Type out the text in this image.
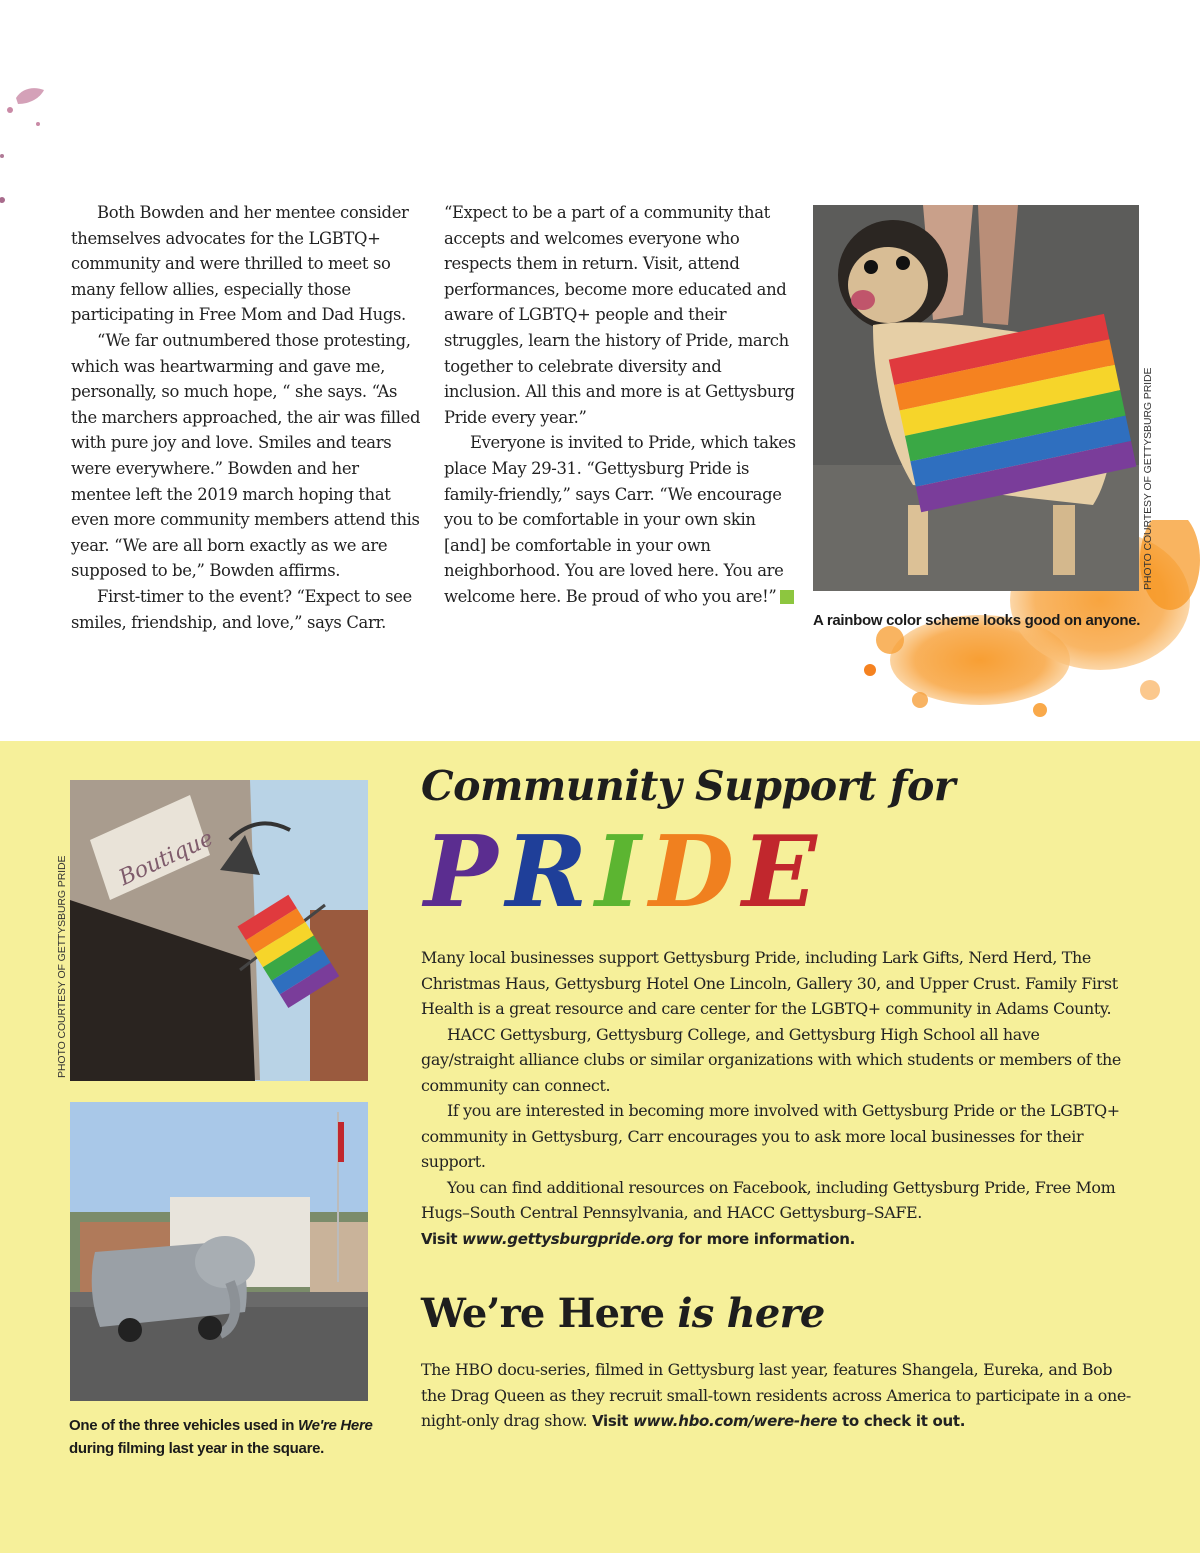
Both Bowden and her mentee consider themselves advocates for the LGBTQ+ community and were thrilled to meet so many fellow allies, especially those participating in Free Mom and Dad Hugs.

“We far outnumbered those protesting, which was heartwarming and gave me, personally, so much hope, “ she says. “As the marchers approached, the air was filled with pure joy and love. Smiles and tears were everywhere.” Bowden and her mentee left the 2019 march hoping that even more community members attend this year. “We are all born exactly as we are supposed to be,” Bowden affirms.

First-timer to the event? “Expect to see smiles, friendship, and love,” says Carr.

“Expect to be a part of a community that accepts and welcomes everyone who respects them in return. Visit, attend performances, become more educated and aware of LGBTQ+ people and their struggles, learn the history of Pride, march together to celebrate diversity and inclusion. All this and more is at Gettysburg Pride every year.”

Everyone is invited to Pride, which takes place May 29-31. “Gettysburg Pride is family-friendly,” says Carr. “We encourage you to be comfortable in your own skin [and] be comfortable in your own neighborhood. You are loved here. You are welcome here. Be proud of who you are!”	G

PHOTO COURTESY OF GETTYSBURG PRIDE
A rainbow color scheme looks good on anyone.
Boutique
PHOTO COURTESY OF GETTYSBURG PRIDE
One of the three vehicles used in We're Here during filming last year in the square.
Community Support for
PRIDE

Many local businesses support Gettysburg Pride, including Lark Gifts, Nerd Herd, The Christmas Haus, Gettysburg Hotel One Lincoln, Gallery 30, and Upper Crust. Family First Health is a great resource and care center for the LGBTQ+ community in Adams County.

HACC Gettysburg, Gettysburg College, and Gettysburg High School all have gay/straight alliance clubs or similar organizations with which students or members of the community can connect.

If you are interested in becoming more involved with Gettysburg Pride or the LGBTQ+ community in Gettysburg, Carr encourages you to ask more local businesses for their support.

You can find additional resources on Facebook, including Gettysburg Pride, Free Mom Hugs–South Central Pennsylvania, and HACC Gettysburg–SAFE.

Visit www.gettysburgpride.org for more information.

We’re Here is here

The HBO docu-series, filmed in Gettysburg last year, features Shangela, Eureka, and Bob the Drag Queen as they recruit small-town residents across America to participate in a one-night-only drag show. Visit www.hbo.com/were-here to check it out.
